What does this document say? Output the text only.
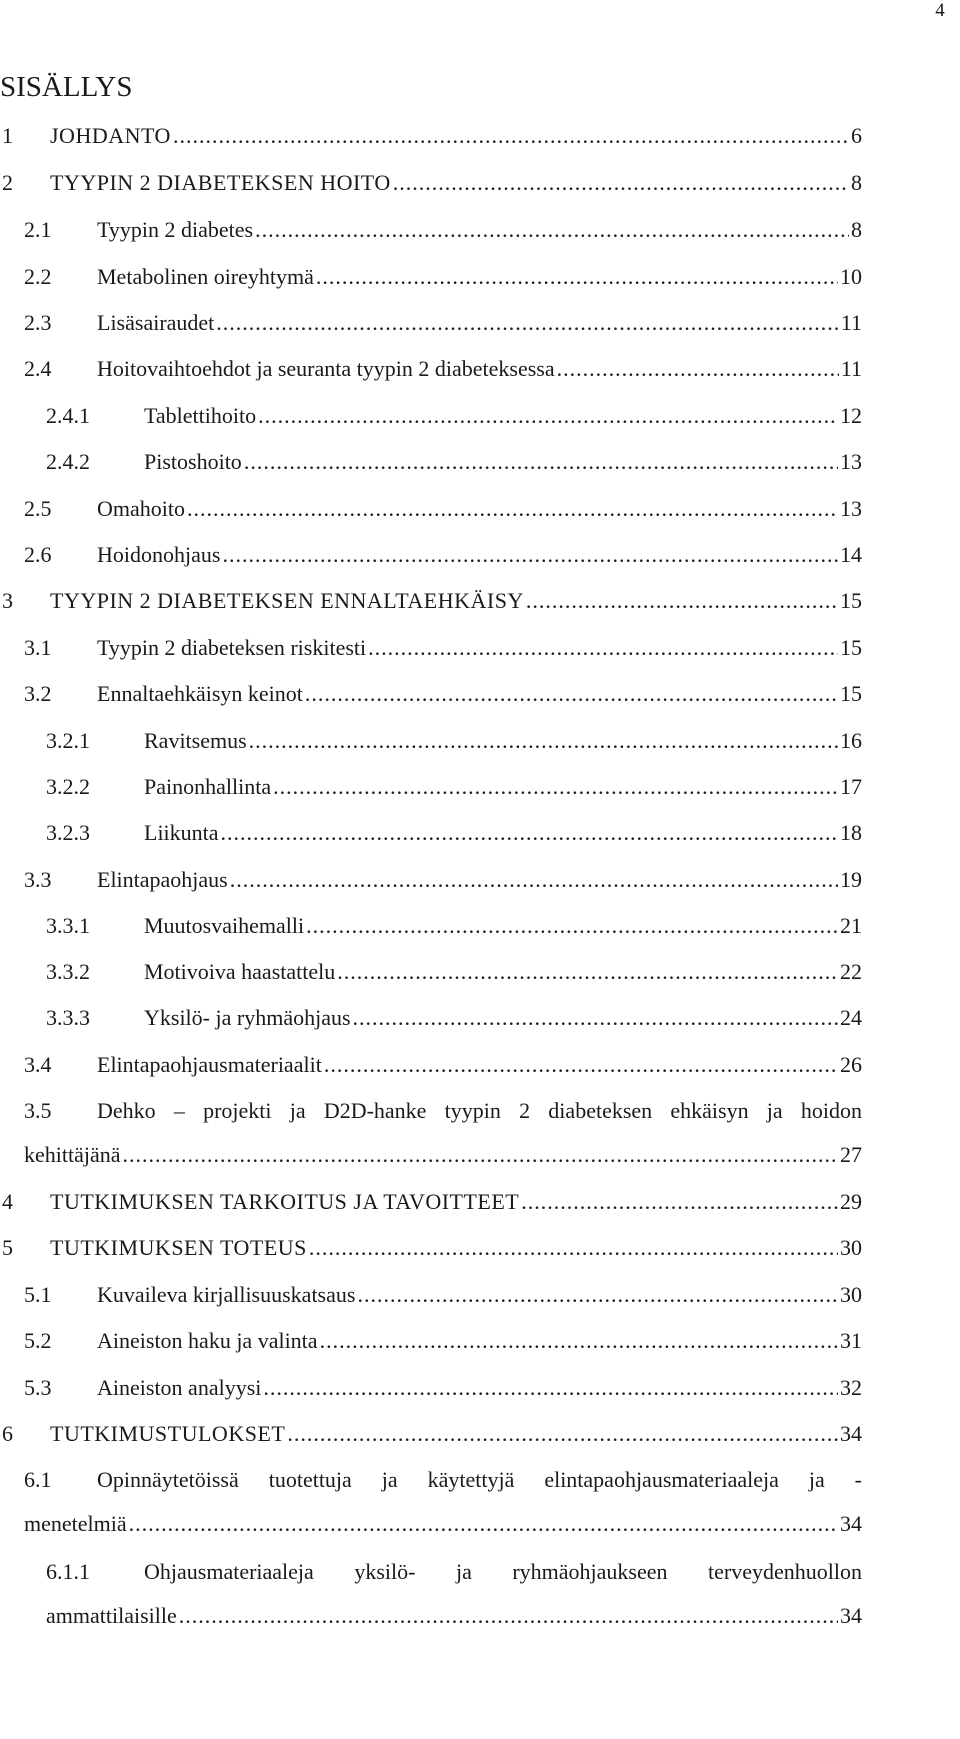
4
SISÄLLYS
1 JOHDANTO .....	6
2 TYYPIN 2 DIABETEKSEN HOITO .....	8
2.1 Tyypin 2 diabetes .....	8
2.2 Metabolinen oireyhtymä .....	10
2.3 Lisäsairaudet .....	11
2.4 Hoitovaihtoehdot ja seuranta tyypin 2 diabeteksessa .....	11
2.4.1 Tablettihoito .....	12
2.4.2 Pistoshoito .....	13
2.5 Omahoito .....	13
2.6 Hoidonohjaus .....	14
3 TYYPIN 2 DIABETEKSEN ENNALTAEHKÄISY .....	15
3.1 Tyypin 2 diabeteksen riskitesti .....	15
3.2 Ennaltaehkäisyn keinot .....	15
3.2.1 Ravitsemus .....	16
3.2.2 Painonhallinta .....	17
3.2.3 Liikunta .....	18
3.3 Elintapaohjaus .....	19
3.3.1 Muutosvaihemalli .....	21
3.3.2 Motivoiva haastattelu .....	22
3.3.3 Yksilö- ja ryhmäohjaus .....	24
3.4 Elintapaohjausmateriaalit .....	26
3.5 Dehko – projekti ja D2D-hanke tyypin 2 diabeteksen ehkäisyn ja hoidon
kehittäjänä .....	27
4 TUTKIMUKSEN TARKOITUS JA TAVOITTEET .....	29
5 TUTKIMUKSEN TOTEUS .....	30
5.1 Kuvaileva kirjallisuuskatsaus .....	30
5.2 Aineiston haku ja valinta .....	31
5.3 Aineiston analyysi .....	32
6 TUTKIMUSTULOKSET .....	34
6.1 Opinnäytetöissä tuotettuja ja käytettyjä elintapaohjausmateriaaleja ja -
menetelmiä .....	34
6.1.1 Ohjausmateriaaleja yksilö- ja ryhmäohjaukseen terveydenhuollon
ammattilaisille .....	34
